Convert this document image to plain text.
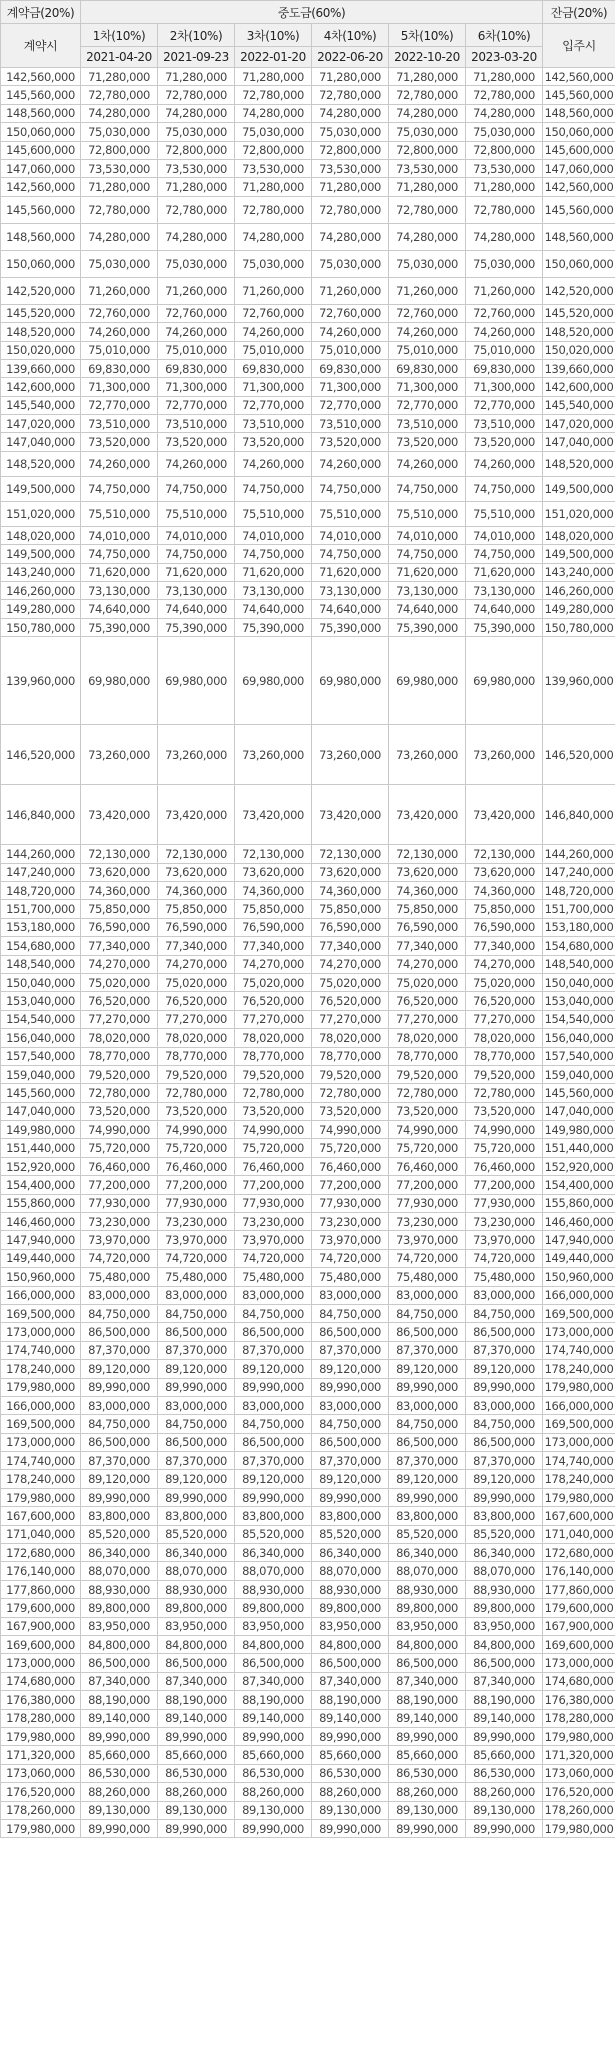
계약금(20%)	중도금(60%)						잔금(20%)
계약시	1차(10%)	2차(10%)	3차(10%)	4차(10%)	5차(10%)	6차(10%)	입주시
	2021-04-20	2021-09-23	2022-01-20	2022-06-20	2022-10-20	2023-03-20	
142,560,000	71,280,000	71,280,000	71,280,000	71,280,000	71,280,000	71,280,000	142,560,000
145,560,000	72,780,000	72,780,000	72,780,000	72,780,000	72,780,000	72,780,000	145,560,000
148,560,000	74,280,000	74,280,000	74,280,000	74,280,000	74,280,000	74,280,000	148,560,000
150,060,000	75,030,000	75,030,000	75,030,000	75,030,000	75,030,000	75,030,000	150,060,000
145,600,000	72,800,000	72,800,000	72,800,000	72,800,000	72,800,000	72,800,000	145,600,000
147,060,000	73,530,000	73,530,000	73,530,000	73,530,000	73,530,000	73,530,000	147,060,000
142,560,000	71,280,000	71,280,000	71,280,000	71,280,000	71,280,000	71,280,000	142,560,000
145,560,000	72,780,000	72,780,000	72,780,000	72,780,000	72,780,000	72,780,000	145,560,000
148,560,000	74,280,000	74,280,000	74,280,000	74,280,000	74,280,000	74,280,000	148,560,000
150,060,000	75,030,000	75,030,000	75,030,000	75,030,000	75,030,000	75,030,000	150,060,000
142,520,000	71,260,000	71,260,000	71,260,000	71,260,000	71,260,000	71,260,000	142,520,000
145,520,000	72,760,000	72,760,000	72,760,000	72,760,000	72,760,000	72,760,000	145,520,000
148,520,000	74,260,000	74,260,000	74,260,000	74,260,000	74,260,000	74,260,000	148,520,000
150,020,000	75,010,000	75,010,000	75,010,000	75,010,000	75,010,000	75,010,000	150,020,000
139,660,000	69,830,000	69,830,000	69,830,000	69,830,000	69,830,000	69,830,000	139,660,000
142,600,000	71,300,000	71,300,000	71,300,000	71,300,000	71,300,000	71,300,000	142,600,000
145,540,000	72,770,000	72,770,000	72,770,000	72,770,000	72,770,000	72,770,000	145,540,000
147,020,000	73,510,000	73,510,000	73,510,000	73,510,000	73,510,000	73,510,000	147,020,000
147,040,000	73,520,000	73,520,000	73,520,000	73,520,000	73,520,000	73,520,000	147,040,000
148,520,000	74,260,000	74,260,000	74,260,000	74,260,000	74,260,000	74,260,000	148,520,000
149,500,000	74,750,000	74,750,000	74,750,000	74,750,000	74,750,000	74,750,000	149,500,000
151,020,000	75,510,000	75,510,000	75,510,000	75,510,000	75,510,000	75,510,000	151,020,000
148,020,000	74,010,000	74,010,000	74,010,000	74,010,000	74,010,000	74,010,000	148,020,000
149,500,000	74,750,000	74,750,000	74,750,000	74,750,000	74,750,000	74,750,000	149,500,000
143,240,000	71,620,000	71,620,000	71,620,000	71,620,000	71,620,000	71,620,000	143,240,000
146,260,000	73,130,000	73,130,000	73,130,000	73,130,000	73,130,000	73,130,000	146,260,000
149,280,000	74,640,000	74,640,000	74,640,000	74,640,000	74,640,000	74,640,000	149,280,000
150,780,000	75,390,000	75,390,000	75,390,000	75,390,000	75,390,000	75,390,000	150,780,000
139,960,000	69,980,000	69,980,000	69,980,000	69,980,000	69,980,000	69,980,000	139,960,000
146,520,000	73,260,000	73,260,000	73,260,000	73,260,000	73,260,000	73,260,000	146,520,000
146,840,000	73,420,000	73,420,000	73,420,000	73,420,000	73,420,000	73,420,000	146,840,000
144,260,000	72,130,000	72,130,000	72,130,000	72,130,000	72,130,000	72,130,000	144,260,000
147,240,000	73,620,000	73,620,000	73,620,000	73,620,000	73,620,000	73,620,000	147,240,000
148,720,000	74,360,000	74,360,000	74,360,000	74,360,000	74,360,000	74,360,000	148,720,000
151,700,000	75,850,000	75,850,000	75,850,000	75,850,000	75,850,000	75,850,000	151,700,000
153,180,000	76,590,000	76,590,000	76,590,000	76,590,000	76,590,000	76,590,000	153,180,000
154,680,000	77,340,000	77,340,000	77,340,000	77,340,000	77,340,000	77,340,000	154,680,000
148,540,000	74,270,000	74,270,000	74,270,000	74,270,000	74,270,000	74,270,000	148,540,000
150,040,000	75,020,000	75,020,000	75,020,000	75,020,000	75,020,000	75,020,000	150,040,000
153,040,000	76,520,000	76,520,000	76,520,000	76,520,000	76,520,000	76,520,000	153,040,000
154,540,000	77,270,000	77,270,000	77,270,000	77,270,000	77,270,000	77,270,000	154,540,000
156,040,000	78,020,000	78,020,000	78,020,000	78,020,000	78,020,000	78,020,000	156,040,000
157,540,000	78,770,000	78,770,000	78,770,000	78,770,000	78,770,000	78,770,000	157,540,000
159,040,000	79,520,000	79,520,000	79,520,000	79,520,000	79,520,000	79,520,000	159,040,000
145,560,000	72,780,000	72,780,000	72,780,000	72,780,000	72,780,000	72,780,000	145,560,000
147,040,000	73,520,000	73,520,000	73,520,000	73,520,000	73,520,000	73,520,000	147,040,000
149,980,000	74,990,000	74,990,000	74,990,000	74,990,000	74,990,000	74,990,000	149,980,000
151,440,000	75,720,000	75,720,000	75,720,000	75,720,000	75,720,000	75,720,000	151,440,000
152,920,000	76,460,000	76,460,000	76,460,000	76,460,000	76,460,000	76,460,000	152,920,000
154,400,000	77,200,000	77,200,000	77,200,000	77,200,000	77,200,000	77,200,000	154,400,000
155,860,000	77,930,000	77,930,000	77,930,000	77,930,000	77,930,000	77,930,000	155,860,000
146,460,000	73,230,000	73,230,000	73,230,000	73,230,000	73,230,000	73,230,000	146,460,000
147,940,000	73,970,000	73,970,000	73,970,000	73,970,000	73,970,000	73,970,000	147,940,000
149,440,000	74,720,000	74,720,000	74,720,000	74,720,000	74,720,000	74,720,000	149,440,000
150,960,000	75,480,000	75,480,000	75,480,000	75,480,000	75,480,000	75,480,000	150,960,000
166,000,000	83,000,000	83,000,000	83,000,000	83,000,000	83,000,000	83,000,000	166,000,000
169,500,000	84,750,000	84,750,000	84,750,000	84,750,000	84,750,000	84,750,000	169,500,000
173,000,000	86,500,000	86,500,000	86,500,000	86,500,000	86,500,000	86,500,000	173,000,000
174,740,000	87,370,000	87,370,000	87,370,000	87,370,000	87,370,000	87,370,000	174,740,000
178,240,000	89,120,000	89,120,000	89,120,000	89,120,000	89,120,000	89,120,000	178,240,000
179,980,000	89,990,000	89,990,000	89,990,000	89,990,000	89,990,000	89,990,000	179,980,000
166,000,000	83,000,000	83,000,000	83,000,000	83,000,000	83,000,000	83,000,000	166,000,000
169,500,000	84,750,000	84,750,000	84,750,000	84,750,000	84,750,000	84,750,000	169,500,000
173,000,000	86,500,000	86,500,000	86,500,000	86,500,000	86,500,000	86,500,000	173,000,000
174,740,000	87,370,000	87,370,000	87,370,000	87,370,000	87,370,000	87,370,000	174,740,000
178,240,000	89,120,000	89,120,000	89,120,000	89,120,000	89,120,000	89,120,000	178,240,000
179,980,000	89,990,000	89,990,000	89,990,000	89,990,000	89,990,000	89,990,000	179,980,000
167,600,000	83,800,000	83,800,000	83,800,000	83,800,000	83,800,000	83,800,000	167,600,000
171,040,000	85,520,000	85,520,000	85,520,000	85,520,000	85,520,000	85,520,000	171,040,000
172,680,000	86,340,000	86,340,000	86,340,000	86,340,000	86,340,000	86,340,000	172,680,000
176,140,000	88,070,000	88,070,000	88,070,000	88,070,000	88,070,000	88,070,000	176,140,000
177,860,000	88,930,000	88,930,000	88,930,000	88,930,000	88,930,000	88,930,000	177,860,000
179,600,000	89,800,000	89,800,000	89,800,000	89,800,000	89,800,000	89,800,000	179,600,000
167,900,000	83,950,000	83,950,000	83,950,000	83,950,000	83,950,000	83,950,000	167,900,000
169,600,000	84,800,000	84,800,000	84,800,000	84,800,000	84,800,000	84,800,000	169,600,000
173,000,000	86,500,000	86,500,000	86,500,000	86,500,000	86,500,000	86,500,000	173,000,000
174,680,000	87,340,000	87,340,000	87,340,000	87,340,000	87,340,000	87,340,000	174,680,000
176,380,000	88,190,000	88,190,000	88,190,000	88,190,000	88,190,000	88,190,000	176,380,000
178,280,000	89,140,000	89,140,000	89,140,000	89,140,000	89,140,000	89,140,000	178,280,000
179,980,000	89,990,000	89,990,000	89,990,000	89,990,000	89,990,000	89,990,000	179,980,000
171,320,000	85,660,000	85,660,000	85,660,000	85,660,000	85,660,000	85,660,000	171,320,000
173,060,000	86,530,000	86,530,000	86,530,000	86,530,000	86,530,000	86,530,000	173,060,000
176,520,000	88,260,000	88,260,000	88,260,000	88,260,000	88,260,000	88,260,000	176,520,000
178,260,000	89,130,000	89,130,000	89,130,000	89,130,000	89,130,000	89,130,000	178,260,000
179,980,000	89,990,000	89,990,000	89,990,000	89,990,000	89,990,000	89,990,000	179,980,000
